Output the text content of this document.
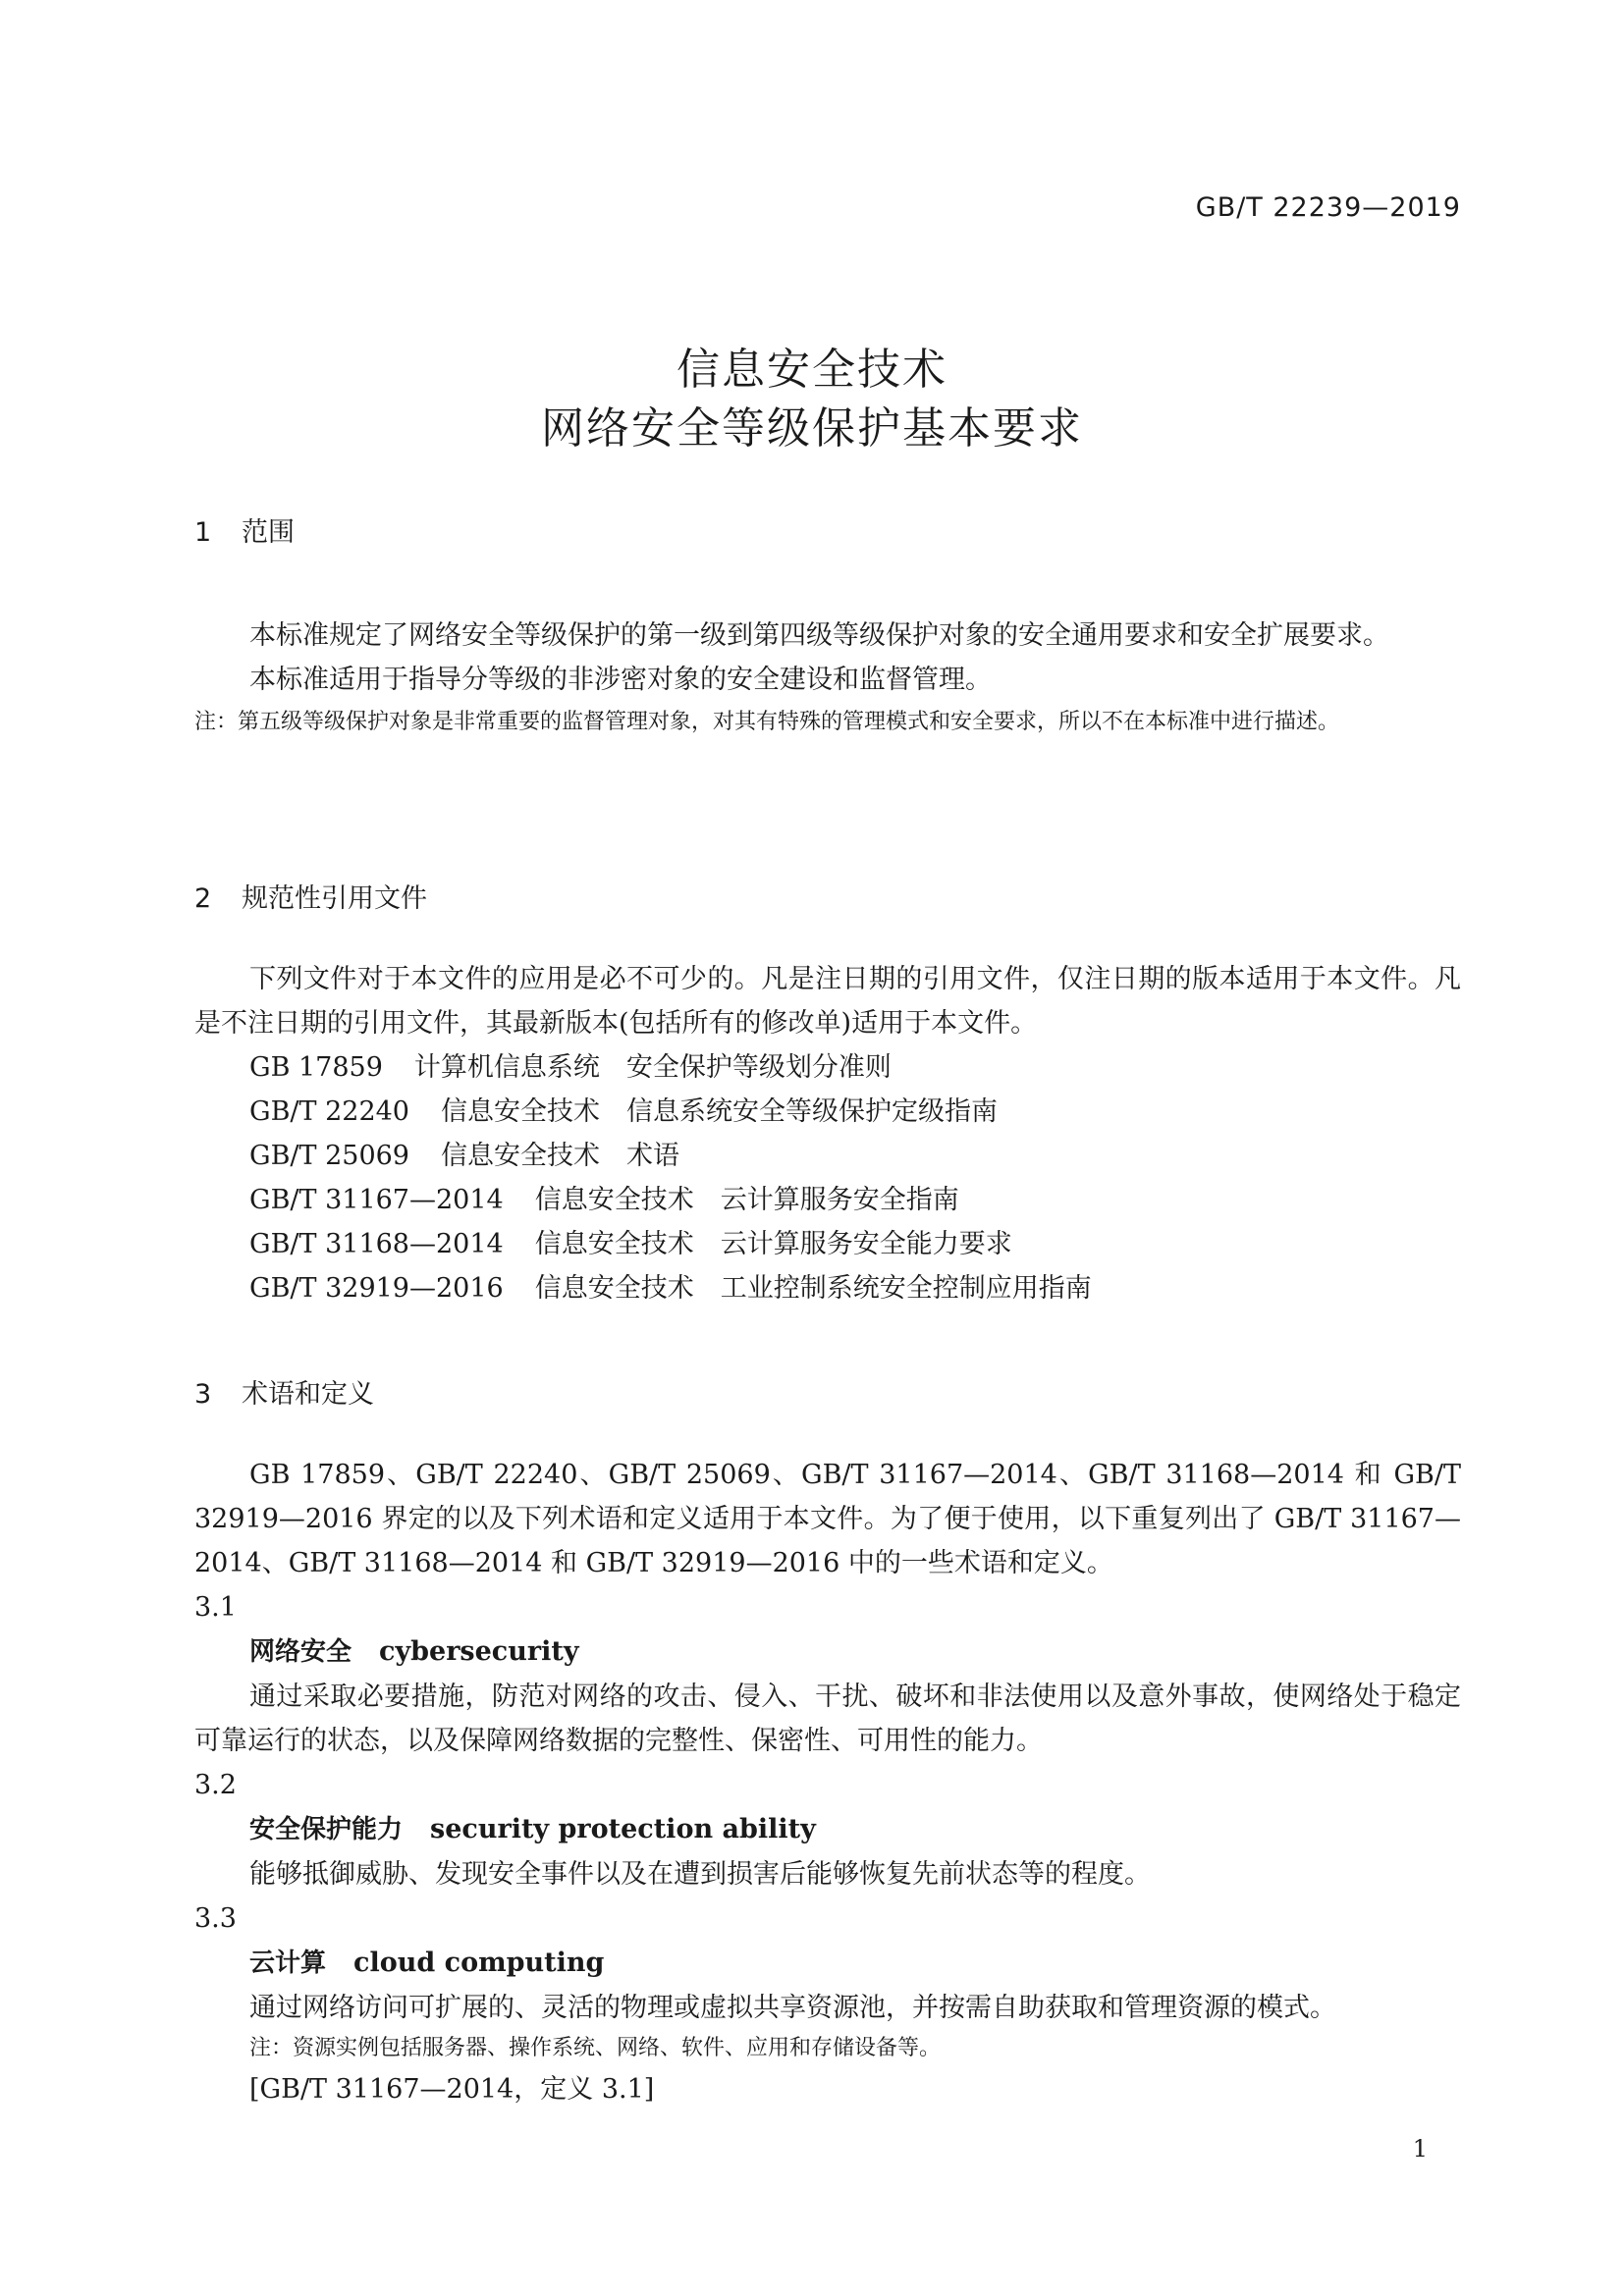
GB/T 22239—2019
信息安全技术
网络安全等级保护基本要求
1 范围
本标准规定了网络安全等级保护的第一级到第四级等级保护对象的安全通用要求和安全扩展要求。
本标准适用于指导分等级的非涉密对象的安全建设和监督管理。
注：第五级等级保护对象是非常重要的监督管理对象，对其有特殊的管理模式和安全要求，所以不在本标准中进行描述。
2 规范性引用文件
下列文件对于本文件的应用是必不可少的。凡是注日期的引用文件，仅注日期的版本适用于本文件。凡是不注日期的引用文件，其最新版本(包括所有的修改单)适用于本文件。
GB 17859 计算机信息系统　安全保护等级划分准则
GB/T 22240 信息安全技术　信息系统安全等级保护定级指南
GB/T 25069 信息安全技术　术语
GB/T 31167—2014 信息安全技术　云计算服务安全指南
GB/T 31168—2014 信息安全技术　云计算服务安全能力要求
GB/T 32919—2016 信息安全技术　工业控制系统安全控制应用指南
3 术语和定义
GB 17859、GB/T 22240、GB/T 25069、GB/T 31167—2014、GB/T 31168—2014 和 GB/T 32919—2016 界定的以及下列术语和定义适用于本文件。为了便于使用，以下重复列出了 GB/T 31167—2014、GB/T 31168—2014 和 GB/T 32919—2016 中的一些术语和定义。
3.1
网络安全 cybersecurity
通过采取必要措施，防范对网络的攻击、侵入、干扰、破坏和非法使用以及意外事故，使网络处于稳定可靠运行的状态，以及保障网络数据的完整性、保密性、可用性的能力。
3.2
安全保护能力 security protection ability
能够抵御威胁、发现安全事件以及在遭到损害后能够恢复先前状态等的程度。
3.3
云计算 cloud computing
通过网络访问可扩展的、灵活的物理或虚拟共享资源池，并按需自助获取和管理资源的模式。
注：资源实例包括服务器、操作系统、网络、软件、应用和存储设备等。
[GB/T 31167—2014，定义 3.1]
1
